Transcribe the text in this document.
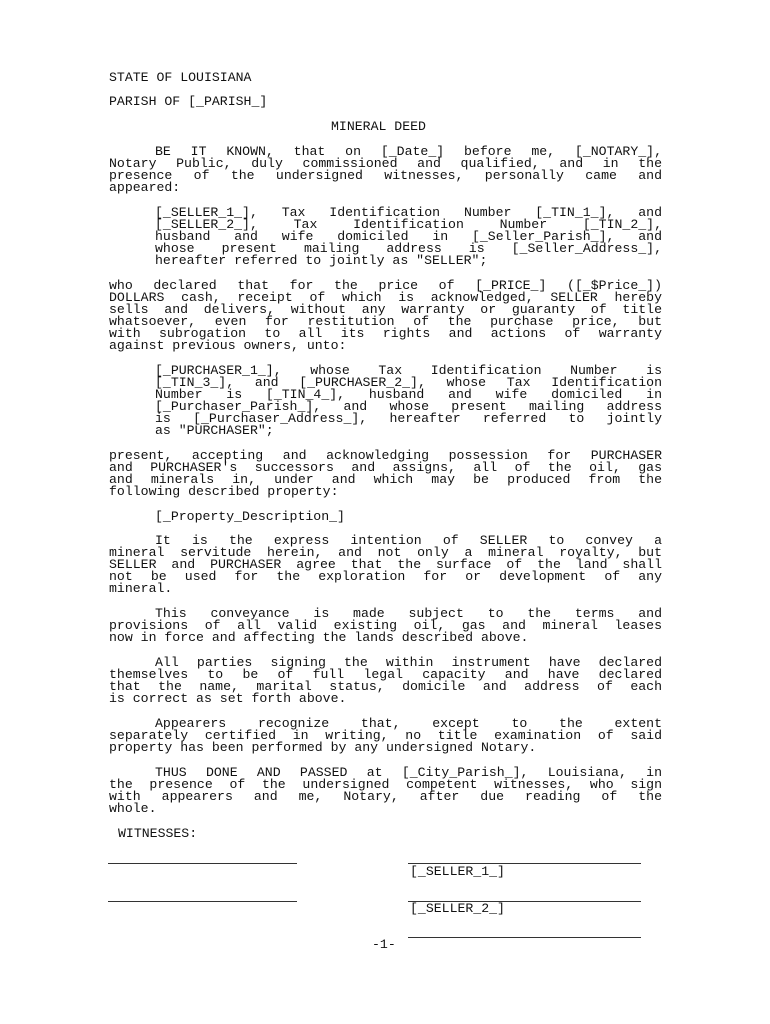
STATE OF LOUISIANA
PARISH OF [_PARISH_]
MINERAL DEED
BE IT KNOWN, that on [_Date_] before me, [_NOTARY_],
Notary Public, duly commissioned and qualified, and in the
presence of the undersigned witnesses, personally came and
appeared:
[_SELLER_1_], Tax Identification Number [_TIN_1_], and
[_SELLER_2_], Tax Identification Number [_TIN_2_],
husband and wife domiciled in [_Seller_Parish_], and
whose present mailing address is [_Seller_Address_],
hereafter referred to jointly as "SELLER";
who declared that for the price of [_PRICE_] ([_$Price_])
DOLLARS cash, receipt of which is acknowledged, SELLER hereby
sells and delivers, without any warranty or guaranty of title
whatsoever, even for restitution of the purchase price, but
with subrogation to all its rights and actions of warranty
against previous owners, unto:
[_PURCHASER_1_], whose Tax Identification Number is
[_TIN_3_], and [_PURCHASER_2_], whose Tax Identification
Number is [_TIN_4_], husband and wife domiciled in
[_Purchaser_Parish_], and whose present mailing address
is [_Purchaser_Address_], hereafter referred to jointly
as "PURCHASER";
present, accepting and acknowledging possession for PURCHASER
and PURCHASER's successors and assigns, all of the oil, gas
and minerals in, under and which may be produced from the
following described property:
[_Property_Description_]
It is the express intention of SELLER to convey a
mineral servitude herein, and not only a mineral royalty, but
SELLER and PURCHASER agree that the surface of the land shall
not be used for the exploration for or development of any
mineral.
This conveyance is made subject to the terms and
provisions of all valid existing oil, gas and mineral leases
now in force and affecting the lands described above.
All parties signing the within instrument have declared
themselves to be of full legal capacity and have declared
that the name, marital status, domicile and address of each
is correct as set forth above.
Appearers recognize that, except to the extent
separately certified in writing, no title examination of said
property has been performed by any undersigned Notary.
THUS DONE AND PASSED at [_City_Parish_], Louisiana, in
the presence of the undersigned competent witnesses, who sign
with appearers and me, Notary, after due reading of the
whole.
WITNESSES:
[_SELLER_1_]
[_SELLER_2_]
-1-
